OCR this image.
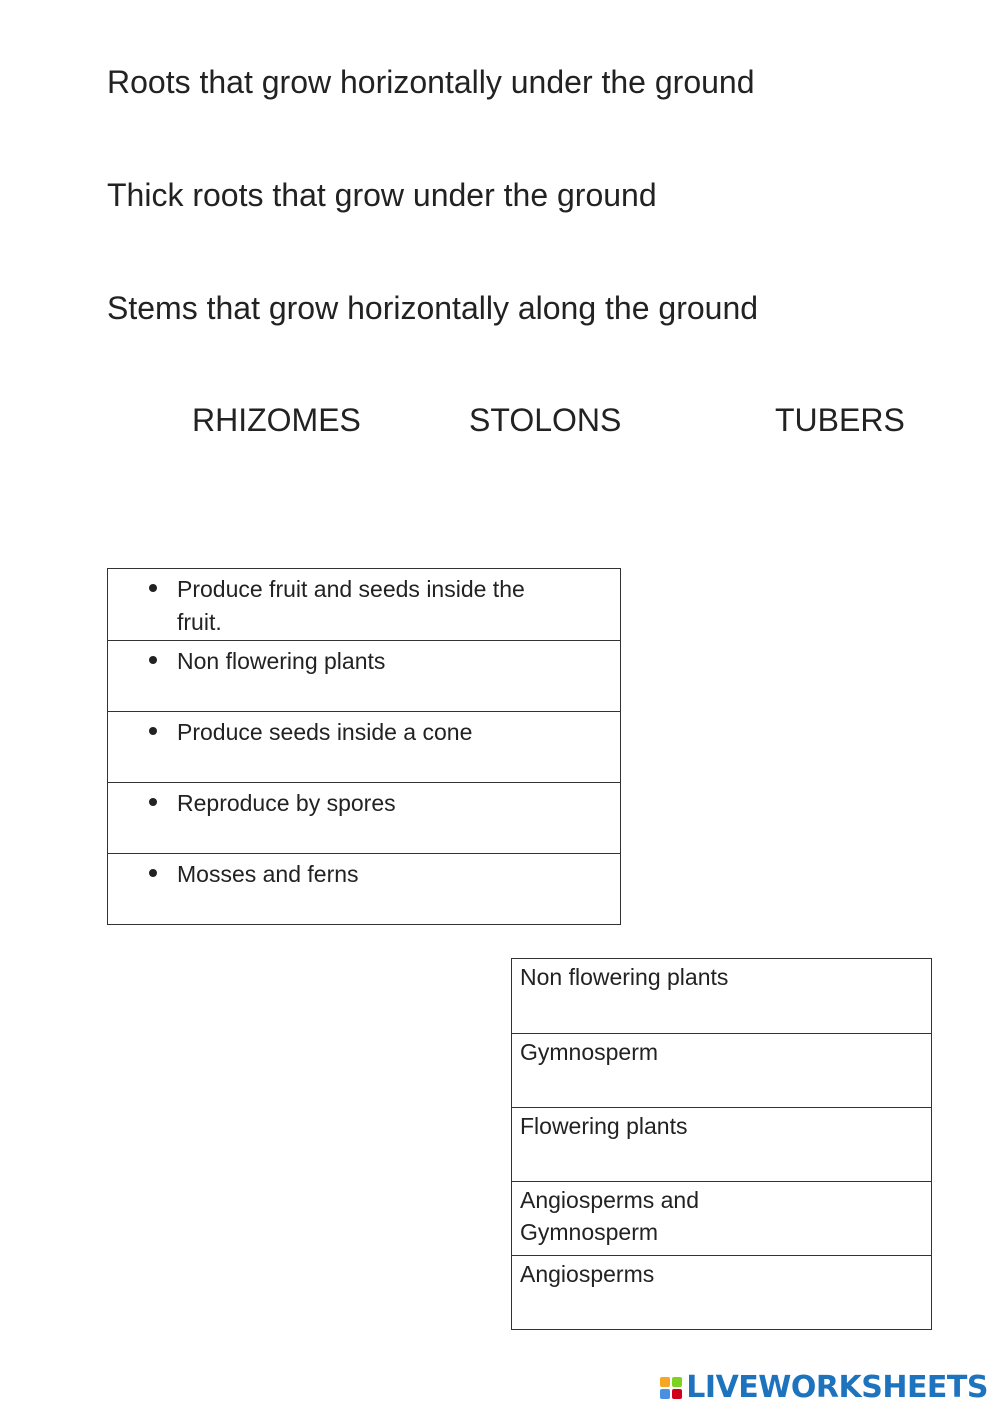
Roots that grow horizontally under the ground
Thick roots that grow under the ground
Stems that grow horizontally along the ground
RHIZOMES	STOLONS	TUBERS
Produce fruit and seeds inside the fruit.
Non flowering plants
Produce seeds inside a cone
Reproduce by spores
Mosses and ferns
Non flowering plants
Gymnosperm
Flowering plants
Angiosperms and Gymnosperm
Angiosperms
LIVEWORKSHEETS
